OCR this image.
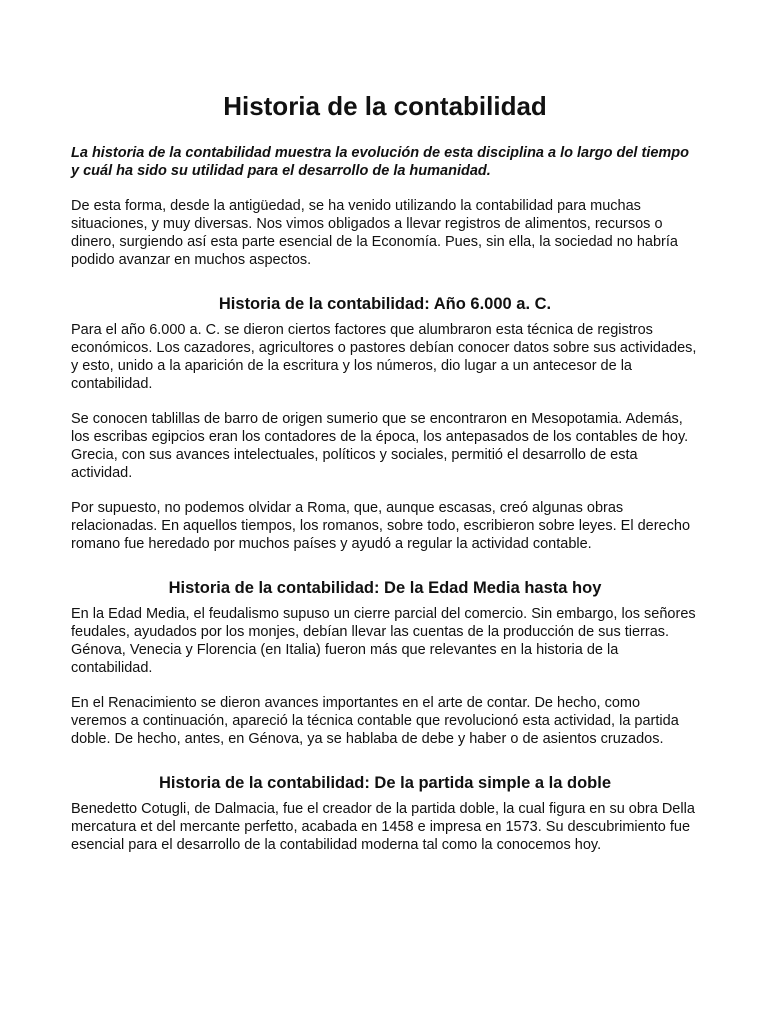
Historia de la contabilidad

La historia de la contabilidad muestra la evolución de esta disciplina a lo largo del tiempo y cuál ha sido su utilidad para el desarrollo de la humanidad.

De esta forma, desde la antigüedad, se ha venido utilizando la contabilidad para muchas situaciones, y muy diversas. Nos vimos obligados a llevar registros de alimentos, recursos o dinero, surgiendo así esta parte esencial de la Economía. Pues, sin ella, la sociedad no habría podido avanzar en muchos aspectos.

Historia de la contabilidad: Año 6.000 a. C.

Para el año 6.000 a. C. se dieron ciertos factores que alumbraron esta técnica de registros económicos. Los cazadores, agricultores o pastores debían conocer datos sobre sus actividades, y esto, unido a la aparición de la escritura y los números, dio lugar a un antecesor de la contabilidad.

Se conocen tablillas de barro de origen sumerio que se encontraron en Mesopotamia. Además, los escribas egipcios eran los contadores de la época, los antepasados de los contables de hoy. Grecia, con sus avances intelectuales, políticos y sociales, permitió el desarrollo de esta actividad.

Por supuesto, no podemos olvidar a Roma, que, aunque escasas, creó algunas obras relacionadas. En aquellos tiempos, los romanos, sobre todo, escribieron sobre leyes. El derecho romano fue heredado por muchos países y ayudó a regular la actividad contable.

Historia de la contabilidad: De la Edad Media hasta hoy

En la Edad Media, el feudalismo supuso un cierre parcial del comercio. Sin embargo, los señores feudales, ayudados por los monjes, debían llevar las cuentas de la producción de sus tierras. Génova, Venecia y Florencia (en Italia) fueron más que relevantes en la historia de la contabilidad.

En el Renacimiento se dieron avances importantes en el arte de contar. De hecho, como veremos a continuación, apareció la técnica contable que revolucionó esta actividad, la partida doble. De hecho, antes, en Génova, ya se hablaba de debe y haber o de asientos cruzados.

Historia de la contabilidad: De la partida simple a la doble

Benedetto Cotugli, de Dalmacia, fue el creador de la partida doble, la cual figura en su obra Della mercatura et del mercante perfetto, acabada en 1458 e impresa en 1573. Su descubrimiento fue esencial para el desarrollo de la contabilidad moderna tal como la conocemos hoy.
